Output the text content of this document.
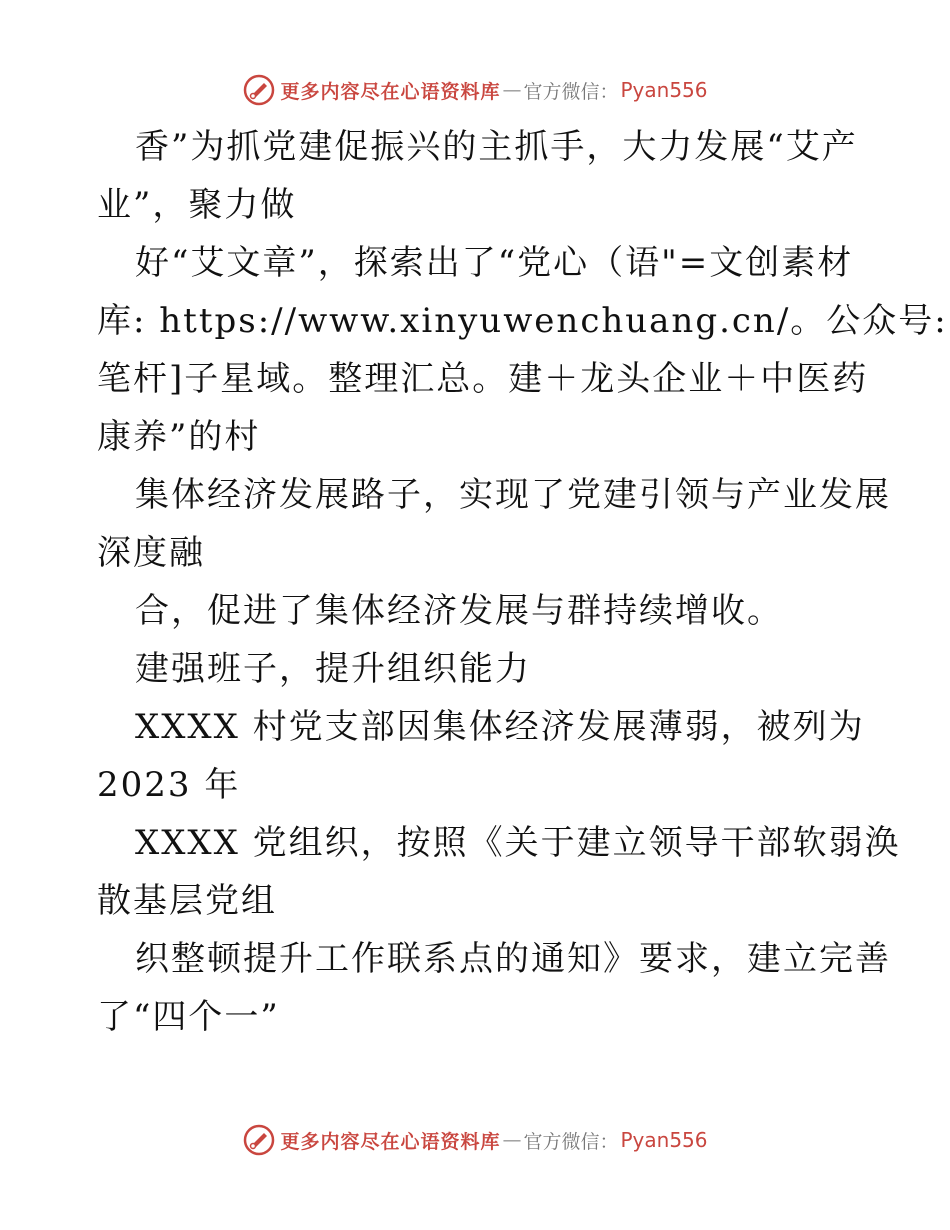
更多内容尽在心语资料库 — 官方微信： Pyan556
香”为抓党建促振兴的主抓手，大力发展“艾产
业”，聚力做
好“艾文章”，探索出了“党心（语"=文创素材
库: https://www.xinyuwenchuang.cn/。公众号:
笔杆]子星域。整理汇总。建＋龙头企业＋中医药
康养”的村
集体经济发展路子，实现了党建引领与产业发展
深度融
合，促进了集体经济发展与群持续增收。
建强班子，提升组织能力
XXXX 村党支部因集体经济发展薄弱，被列为
2023 年
XXXX 党组织，按照《关于建立领导干部软弱涣
散基层党组
织整顿提升工作联系点的通知》要求，建立完善
了“四个一”
更多内容尽在心语资料库 — 官方微信： Pyan556
